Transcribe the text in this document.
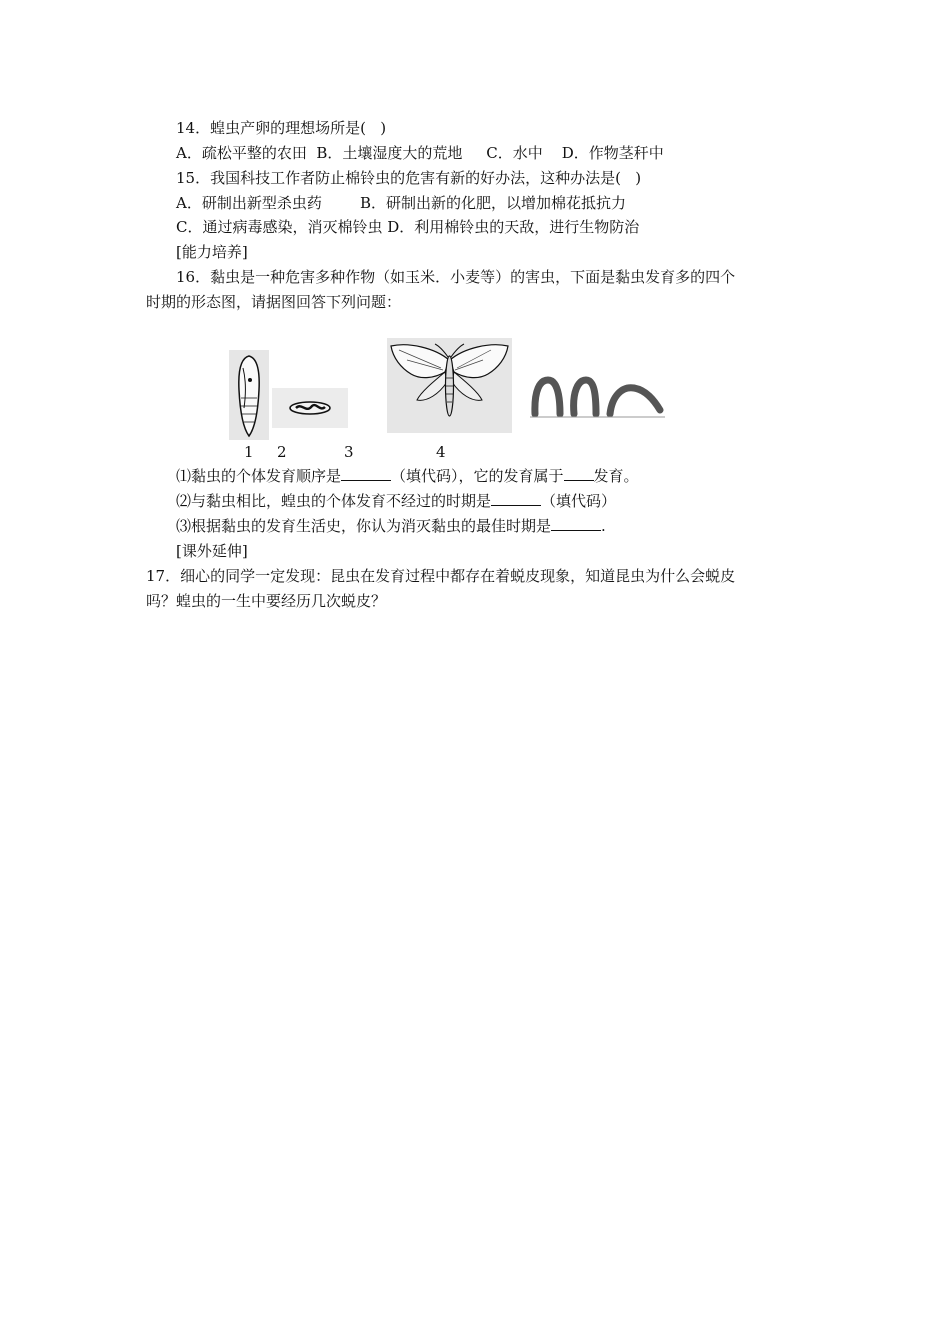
14．蝗虫产卵的理想场所是(   )
A．疏松平整的农田  B．土壤湿度大的荒地     C．水中    D．作物茎秆中
15．我国科技工作者防止棉铃虫的危害有新的好办法，这种办法是(   )
A．研制出新型杀虫药        B．研制出新的化肥，以增加棉花抵抗力
C．通过病毒感染，消灭棉铃虫 D．利用棉铃虫的天敌，进行生物防治
[能力培养]
16．黏虫是一种危害多种作物（如玉米．小麦等）的害虫，下面是黏虫发育多的四个
时期的形态图，请据图回答下列问题：
1 2	3	4
⑴黏虫的个体发育顺序是	（填代码），它的发育属于 发育。
⑵与黏虫相比，蝗虫的个体发育不经过的时期是	（填代码）
⑶根据黏虫的发育生活史，你认为消灭黏虫的最佳时期是	.
[课外延伸]
17．细心的同学一定发现：昆虫在发育过程中都存在着蜕皮现象，知道昆虫为什么会蜕皮
吗？蝗虫的一生中要经历几次蜕皮？
